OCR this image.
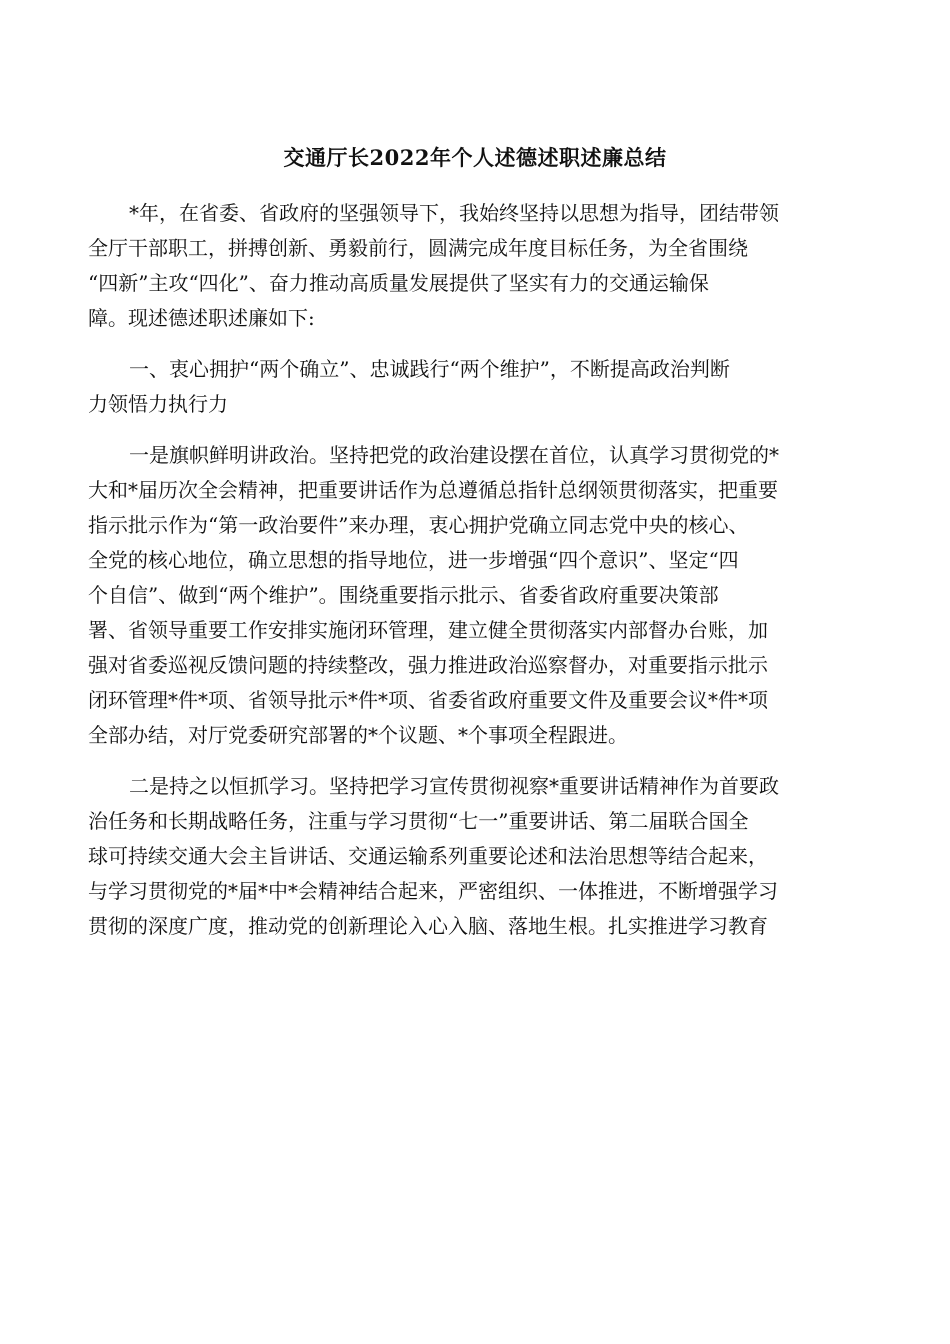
交通厅长2022年个人述德述职述廉总结
*年，在省委、省政府的坚强领导下，我始终坚持以思想为指导，团结带领
全厅干部职工，拼搏创新、勇毅前行，圆满完成年度目标任务，为全省围绕
“四新”主攻“四化”、奋力推动高质量发展提供了坚实有力的交通运输保
障。现述德述职述廉如下:
一、衷心拥护“两个确立”、忠诚践行“两个维护”，不断提高政治判断
力领悟力执行力
一是旗帜鲜明讲政治。坚持把党的政治建设摆在首位，认真学习贯彻党的*
大和*届历次全会精神，把重要讲话作为总遵循总指针总纲领贯彻落实，把重要
指示批示作为“第一政治要件”来办理，衷心拥护党确立同志党中央的核心、
全党的核心地位，确立思想的指导地位，进一步增强“四个意识”、坚定“四
个自信”、做到“两个维护”。围绕重要指示批示、省委省政府重要决策部
署、省领导重要工作安排实施闭环管理，建立健全贯彻落实内部督办台账，加
强对省委巡视反馈问题的持续整改，强力推进政治巡察督办，对重要指示批示
闭环管理*件*项、省领导批示*件*项、省委省政府重要文件及重要会议*件*项
全部办结，对厅党委研究部署的*个议题、*个事项全程跟进。
二是持之以恒抓学习。坚持把学习宣传贯彻视察*重要讲话精神作为首要政
治任务和长期战略任务，注重与学习贯彻“七一”重要讲话、第二届联合国全
球可持续交通大会主旨讲话、交通运输系列重要论述和法治思想等结合起来，
与学习贯彻党的*届*中*会精神结合起来，严密组织、一体推进，不断增强学习
贯彻的深度广度，推动党的创新理论入心入脑、落地生根。扎实推进学习教育
